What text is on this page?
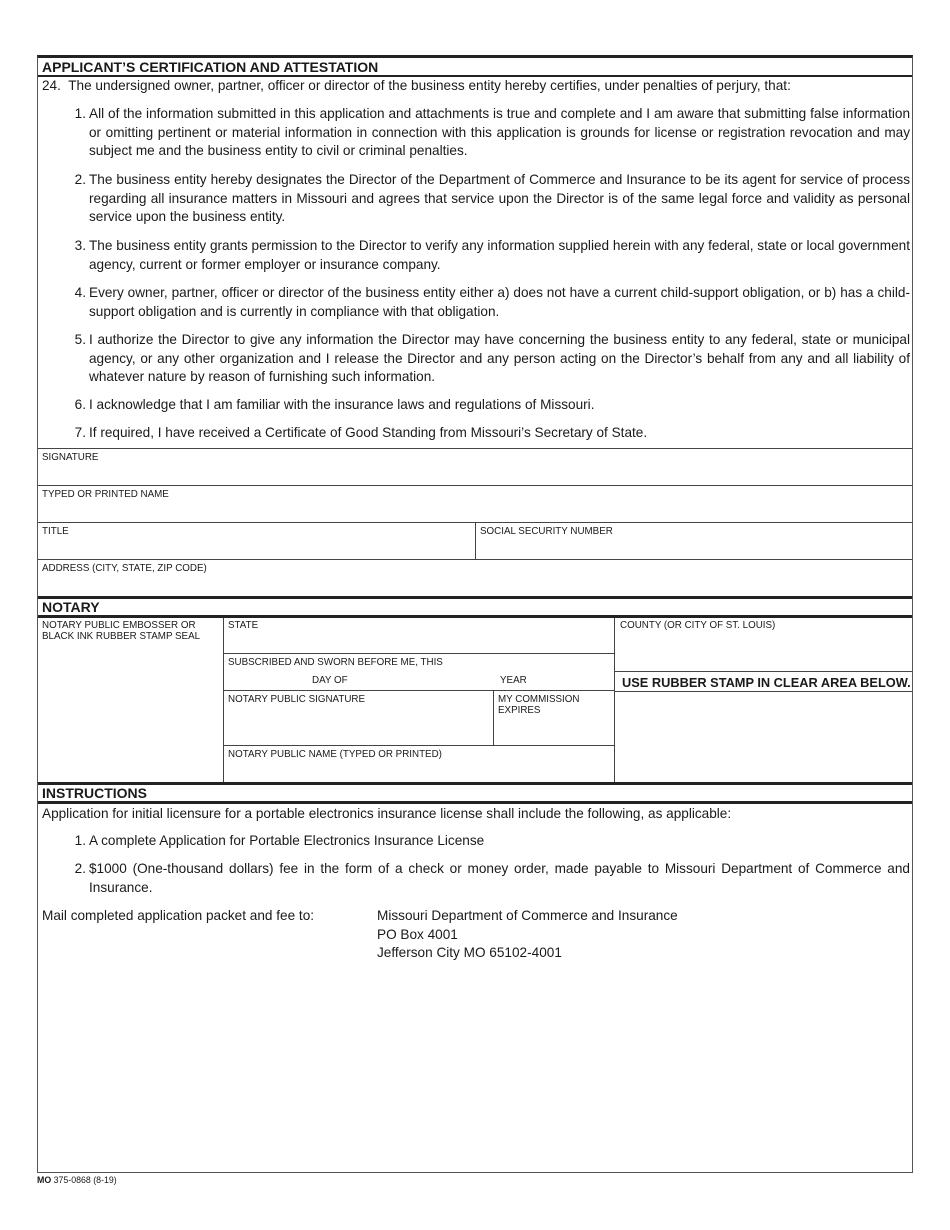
APPLICANT’S CERTIFICATION AND ATTESTATION
24. The undersigned owner, partner, officer or director of the business entity hereby certifies, under penalties of perjury, that:
1. All of the information submitted in this application and attachments is true and complete and I am aware that submitting false information or omitting pertinent or material information in connection with this application is grounds for license or registration revocation and may subject me and the business entity to civil or criminal penalties.
2. The business entity hereby designates the Director of the Department of Commerce and Insurance to be its agent for service of process regarding all insurance matters in Missouri and agrees that service upon the Director is of the same legal force and validity as personal service upon the business entity.
3. The business entity grants permission to the Director to verify any information supplied herein with any federal, state or local government agency, current or former employer or insurance company.
4. Every owner, partner, officer or director of the business entity either a) does not have a current child-support obligation, or b) has a child-support obligation and is currently in compliance with that obligation.
5. I authorize the Director to give any information the Director may have concerning the business entity to any federal, state or municipal agency, or any other organization and I release the Director and any person acting on the Director’s behalf from any and all liability of whatever nature by reason of furnishing such information.
6. I acknowledge that I am familiar with the insurance laws and regulations of Missouri.
7. If required, I have received a Certificate of Good Standing from Missouri’s Secretary of State.
SIGNATURE
TYPED OR PRINTED NAME
TITLE	SOCIAL SECURITY NUMBER
ADDRESS (CITY, STATE, ZIP CODE)
NOTARY
NOTARY PUBLIC EMBOSSER OR BLACK INK RUBBER STAMP SEAL
STATE	COUNTY (OR CITY OF ST. LOUIS)
SUBSCRIBED AND SWORN BEFORE ME, THIS
DAY OF	YEAR	USE RUBBER STAMP IN CLEAR AREA BELOW.
NOTARY PUBLIC SIGNATURE	MY COMMISSION EXPIRES
NOTARY PUBLIC NAME (TYPED OR PRINTED)
INSTRUCTIONS
Application for initial licensure for a portable electronics insurance license shall include the following, as applicable:
1. A complete Application for Portable Electronics Insurance License
2. $1000 (One-thousand dollars) fee in the form of a check or money order, made payable to Missouri Department of Commerce and Insurance.
Mail completed application packet and fee to:	Missouri Department of Commerce and Insurance
PO Box 4001
Jefferson City MO 65102-4001
MO 375-0868 (8-19)
